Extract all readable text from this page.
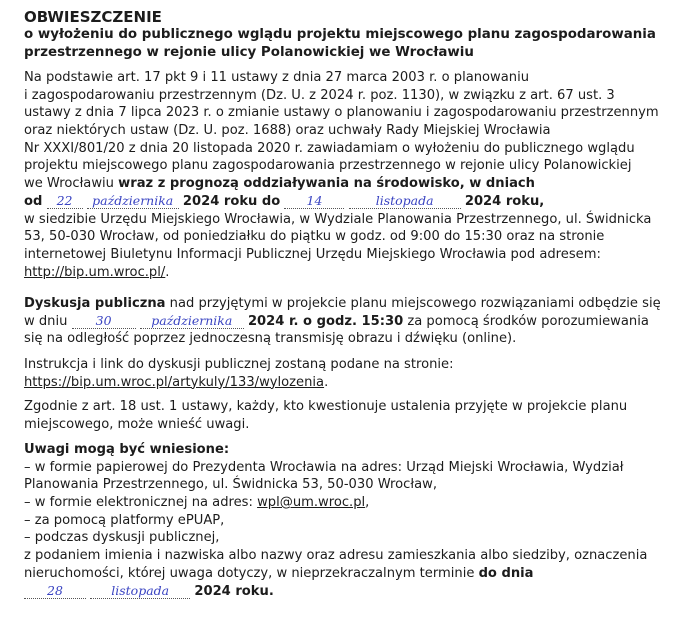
OBWIESZCZENIE
o wyłożeniu do publicznego wglądu projektu miejscowego planu zagospodarowania
przestrzennego w rejonie ulicy Polanowickiej we Wrocławiu
Na podstawie art. 17 pkt 9 i 11 ustawy z dnia 27 marca 2003 r. o planowaniu
i zagospodarowaniu przestrzennym (Dz. U. z 2024 r. poz. 1130), w związku z art. 67 ust. 3
ustawy z dnia 7 lipca 2023 r. o zmianie ustawy o planowaniu i zagospodarowaniu przestrzennym
oraz niektórych ustaw (Dz. U. poz. 1688) oraz uchwały Rady Miejskiej Wrocławia
Nr XXXI/801/20 z dnia 20 listopada 2020 r. zawiadamiam o wyłożeniu do publicznego wglądu
projektu miejscowego planu zagospodarowania przestrzennego w rejonie ulicy Polanowickiej
we Wrocławiu wraz z prognozą oddziaływania na środowisko, w dniach
od 22 października 2024 roku do 14	listopada 2024 roku,
w siedzibie Urzędu Miejskiego Wrocławia, w Wydziale Planowania Przestrzennego, ul. Świdnicka
53, 50-030 Wrocław, od poniedziałku do piątku w godz. od 9:00 do 15:30 oraz na stronie
internetowej Biuletynu Informacji Publicznej Urzędu Miejskiego Wrocławia pod adresem:
http://bip.um.wroc.pl/.
Dyskusja publiczna nad przyjętymi w projekcie planu miejscowego rozwiązaniami odbędzie się
w dniu 30	października 2024 r. o godz. 15:30 za pomocą środków porozumiewania
się na odległość poprzez jednoczesną transmisję obrazu i dźwięku (online).
Instrukcja i link do dyskusji publicznej zostaną podane na stronie:
https://bip.um.wroc.pl/artykuly/133/wylozenia.
Zgodnie z art. 18 ust. 1 ustawy, każdy, kto kwestionuje ustalenia przyjęte w projekcie planu
miejscowego, może wnieść uwagi.
Uwagi mogą być wniesione:
– w formie papierowej do Prezydenta Wrocławia na adres: Urząd Miejski Wrocławia, Wydział
Planowania Przestrzennego, ul. Świdnicka 53, 50-030 Wrocław,
– w formie elektronicznej na adres: wpl@um.wroc.pl,
– za pomocą platformy ePUAP,
– podczas dyskusji publicznej,
z podaniem imienia i nazwiska albo nazwy oraz adresu zamieszkania albo siedziby, oznaczenia
nieruchomości, której uwaga dotyczy, w nieprzekraczalnym terminie do dnia
28	listopada 2024 roku.
